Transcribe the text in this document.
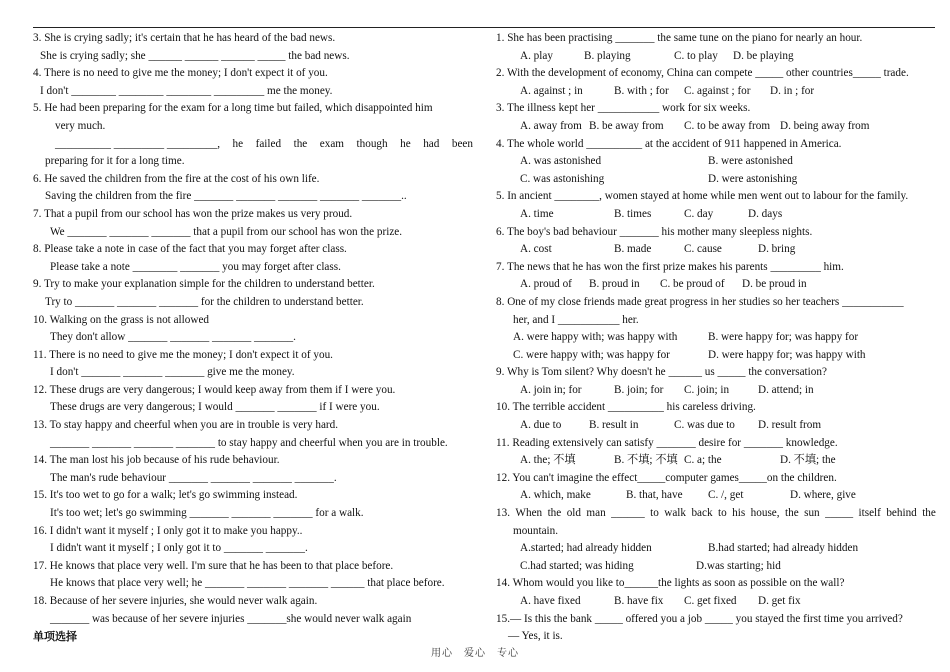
3. She is crying sadly; it's certain that he has heard of the bad news.
She is crying sadly; she ______ ______ ______ _____ the bad news.
4. There is no need to give me the money; I don't expect it of you.
I don't ________ ________ ________ _________ me the money.
5. He had been preparing for the exam for a long time but failed, which disappointed him
very much.
__________ _________ _________, he failed the exam though he had been
preparing for it for a long time.
6. He saved the children from the fire at the cost of his own life.
Saving the children from the fire _______ _______ _______ _______ _______..
7. That a pupil from our school has won the prize makes us very proud.
We _______ _______ _______ that a pupil from our school has won the prize.
8. Please take a note in case of the fact that you may forget after class.
Please take a note ________ _______ you may forget after class.
9. Try to make your explanation simple for the children to understand better.
Try to _______ _______ _______ for the children to understand better.
10. Walking on the grass is not allowed
They don't allow _______ _______ _______ _______.
11. There is no need to give me the money; I don't expect it of you.
I don't _______ _______ _______ give me the money.
12. These drugs are very dangerous; I would keep away from them if I were you.
These drugs are very dangerous; I would _______ _______ if I were you.
13. To stay happy and cheerful when you are in trouble is very hard.
_______ _______ _______ _______ to stay happy and cheerful when you are in trouble.
14. The man lost his job because of his rude behaviour.
The man's rude behaviour _______ _______ _______ _______.
15. It's too wet to go for a walk; let's go swimming instead.
It's too wet; let's go swimming _______ _______ _______ for a walk.
16. I didn't want it myself ; I only got it to make you happy..
I didn't want it myself ; I only got it to _______ _______.
17. He knows that place very well. I'm sure that he has been to that place before.
He knows that place very well; he _______ _______ _______ ______ that place before.
18. Because of her severe injuries, she would never walk again.
_______ was because of her severe injuries _______she would never walk again
单项选择
1. She has been practising _______ the same tune on the piano for nearly an hour.
A. play	B. playing	C. to play D. be playing
2. With the development of economy, China can compete _____ other countries_____ trade.
A. against ; in	B. with ; for C. against ; for D. in ; for
3. The illness kept her ___________ work for six weeks.
A. away from B. be away from C. to be away from D. being away from
4. The whole world __________ at the accident of 911 happened in America.
A. was astonished	B. were astonished
C. was astonishing	D. were astonishing
5. In ancient ________, women stayed at home while men went out to labour for the family.
A. time	B. times	C. day	D. days
6. The boy's bad behaviour _______ his mother many sleepless nights.
A. cost	B. made	C. cause	D. bring
7. The news that he has won the first prize makes his parents _________ him.
A. proud of B. proud in C. be proud of D. be proud in
8. One of my close friends made great progress in her studies so her teachers ___________
her, and I ___________ her.
A. were happy with; was happy with	B. were happy for; was happy for
C. were happy with; was happy for	D. were happy for; was happy with
9. Why is Tom silent? Why doesn't he ______ us _____ the conversation?
A. join in; for	B. join; for C. join; in	D. attend; in
10. The terrible accident __________ his careless driving.
A. due to B. result in	C. was due to D. result from
11. Reading extensively can satisfy _______ desire for _______ knowledge.
A. the; 不填	B. 不填; 不填 C. a; the	D. 不填; the
12. You can't imagine the effect_____computer games_____on the children.
A. which, make	B. that, have C. /, get	D. where, give
13. When the old man ______ to walk back to his house, the sun _____ itself behind the
mountain.
A.started; had already hidden	B.had started; had already hidden
C.had started; was hiding	D.was starting; hid
14. Whom would you like to______the lights as soon as possible on the wall?
A. have fixed	B. have fix C. get fixed D. get fix
15.— Is this the bank _____ offered you a job _____ you stayed the first time you arrived?
— Yes, it is.
用心　爱心　专心
